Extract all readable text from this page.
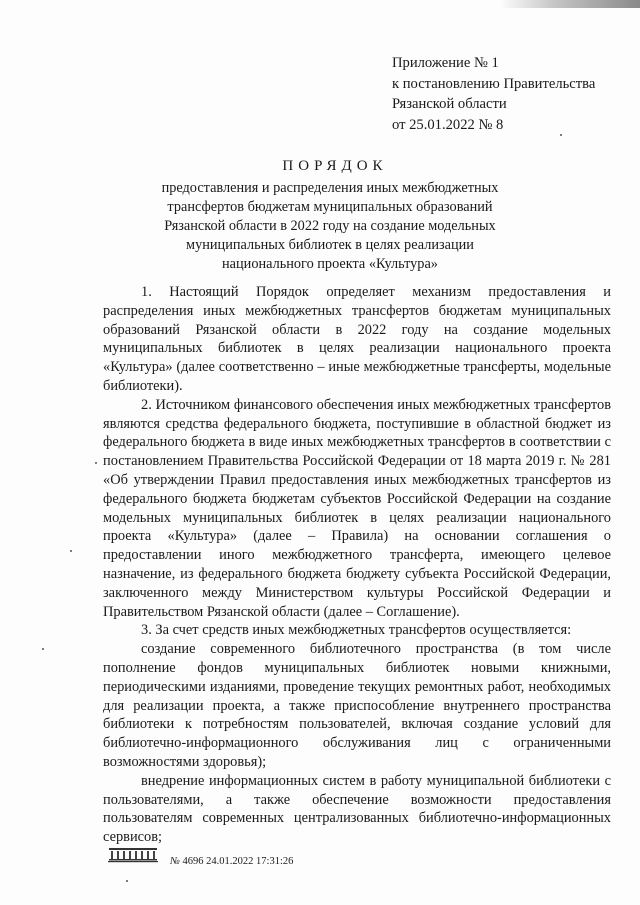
Приложение № 1
к постановлению Правительства
Рязанской области
от 25.01.2022 № 8
ПОРЯДОК
предоставления и распределения иных межбюджетных
трансфертов бюджетам муниципальных образований
Рязанской области в 2022 году на создание модельных
муниципальных библиотек в целях реализации
национального проекта «Культура»

1. Настоящий Порядок определяет механизм предоставления и распределения иных межбюджетных трансфертов бюджетам муниципальных образований Рязанской области в 2022 году на создание модельных муниципальных библиотек в целях реализации национального проекта «Культура» (далее соответственно – иные межбюджетные трансферты, модельные библиотеки).

2. Источником финансового обеспечения иных межбюджетных трансфертов являются средства федерального бюджета, поступившие в областной бюджет из федерального бюджета в виде иных межбюджетных трансфертов в соответствии с постановлением Правительства Российской Федерации от 18 марта 2019 г. № 281 «Об утверждении Правил предоставления иных межбюджетных трансфертов из федерального бюджета бюджетам субъектов Российской Федерации на создание модельных муниципальных библиотек в целях реализации национального проекта «Культура» (далее – Правила) на основании соглашения о предоставлении иного межбюджетного трансферта, имеющего целевое назначение, из федерального бюджета бюджету субъекта Российской Федерации, заключенного между Министерством культуры Российской Федерации и Правительством Рязанской области (далее – Соглашение).

3. За счет средств иных межбюджетных трансфертов осуществляется:

создание современного библиотечного пространства (в том числе пополнение фондов муниципальных библиотек новыми книжными, периодическими изданиями, проведение текущих ремонтных работ, необходимых для реализации проекта, а также приспособление внутреннего пространства библиотеки к потребностям пользователей, включая создание условий для библиотечно-информационного обслуживания лиц с ограниченными возможностями здоровья);

внедрение информационных систем в работу муниципальной библиотеки с пользователями, а также обеспечение возможности предоставления пользователям современных централизованных библиотечно-информационных сервисов;

№ 4696 24.01.2022 17:31:26
